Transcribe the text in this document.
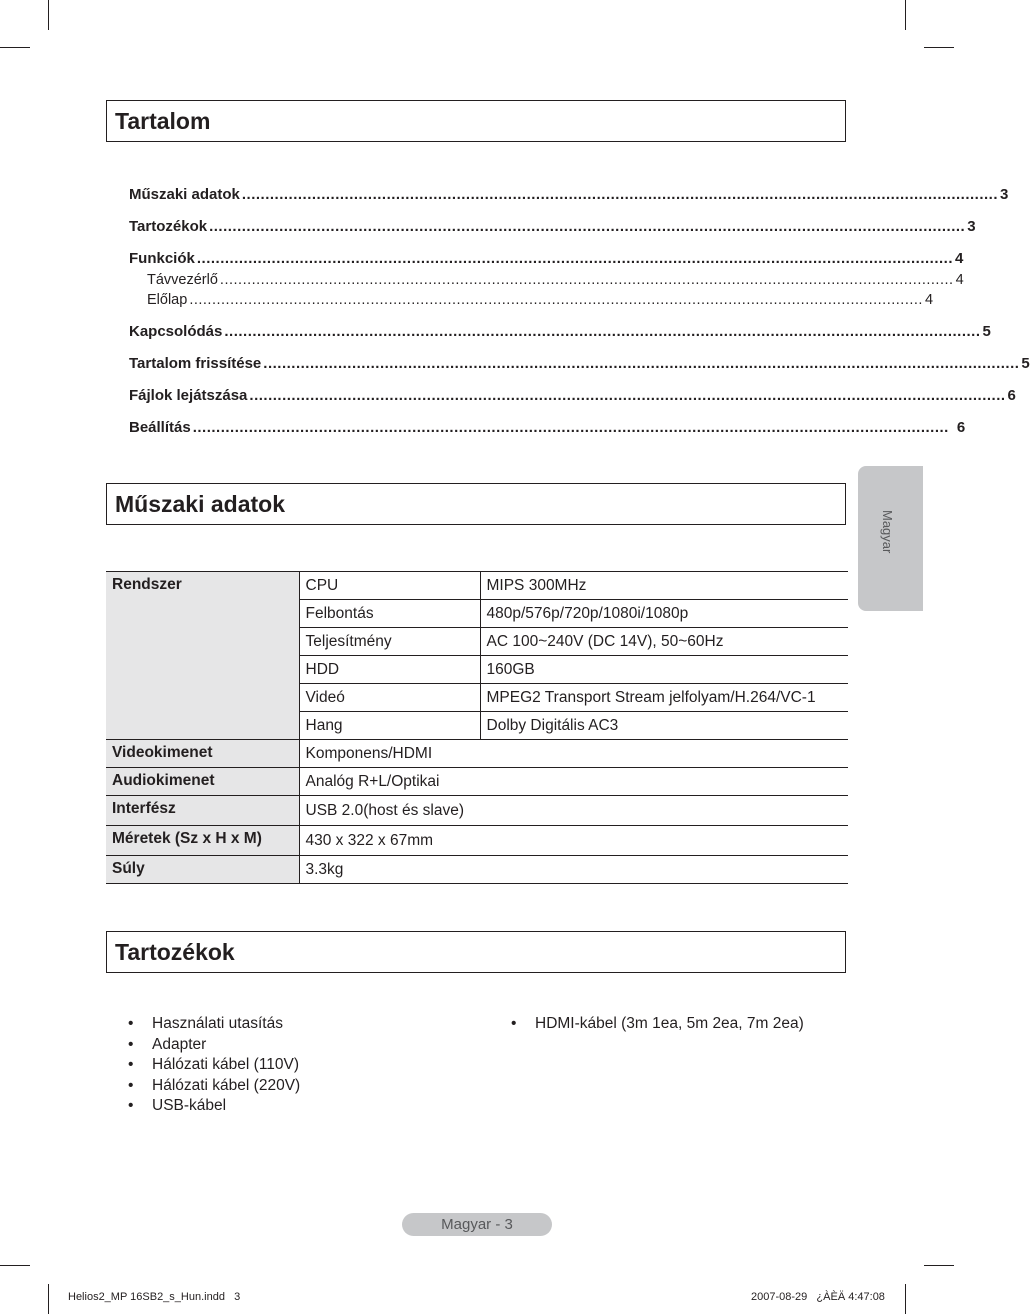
Tartalom
Műszaki adatok .................................................................................................................................................................. 3
Tartozékok .................................................................................................................................................................. 3
Funkciók .................................................................................................................................................................. 4
Távvezérlő .................................................................................................................................................................. 4
Előlap .................................................................................................................................................................. 4
Kapcsolódás .................................................................................................................................................................. 5
Tartalom frissítése .................................................................................................................................................................. 5
Fájlok lejátszása .................................................................................................................................................................. 6
Beállítás .................................................................................................................................................................. 6
Műszaki adatok
Rendszer	CPU	MIPS 300MHz
	Felbontás	480p/576p/720p/1080i/1080p
	Teljesítmény	AC 100~240V (DC 14V), 50~60Hz
	HDD	160GB
	Videó	MPEG2 Transport Stream jelfolyam/H.264/VC-1
	Hang	Dolby Digitális AC3
Videokimenet	Komponens/HDMI	
Audiokimenet	Analóg R+L/Optikai	
Interfész	USB 2.0(host és slave)	
Méretek (Sz x H x M)	430 x 322 x 67mm	
Súly	3.3kg	
Tartozékok
• Használati utasítás
• Adapter
• Hálózati kábel (110V)
• Hálózati kábel (220V)
• USB-kábel
• HDMI-kábel (3m 1ea, 5m 2ea, 7m 2ea)
Magyar
Magyar - 3
Helios2_MP 16SB2_s_Hun.indd   3	2007-08-29   ¿ÀÈÄ 4:47:08
